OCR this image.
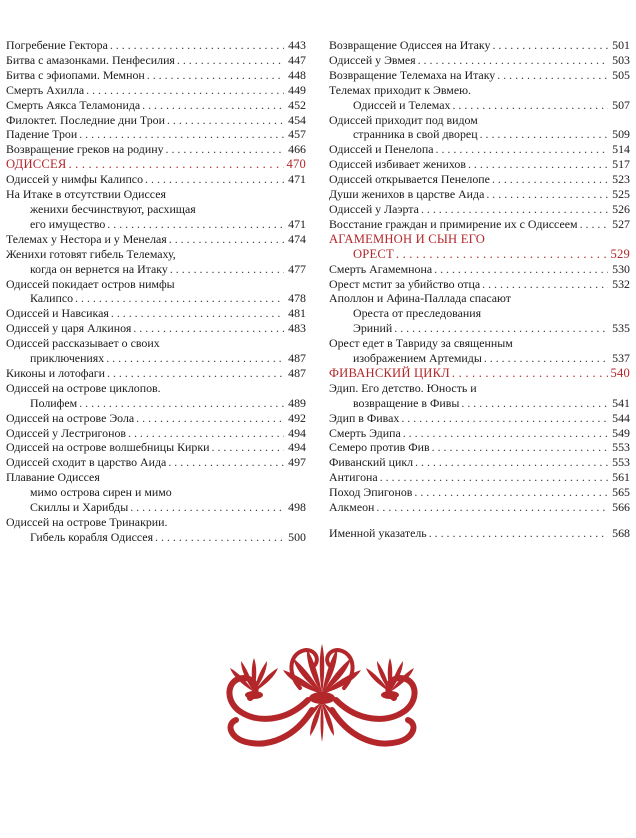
Погребение Гектора . . .	443
Битва с амазонками. Пенфесилия . . .	447
Битва с эфиопами. Мемнон . . .	448
Смерть Ахилла . . .	449
Смерть Аякса Теламонида . . .	452
Филоктет. Последние дни Трои . . .	454
Падение Трои . . .	457
Возвращение греков на родину . . .	466
ОДИССЕЯ . . .	470
Одиссей у нимфы Калипсо . . .	471
На Итаке в отсутствии Одиссея
женихи бесчинствуют, расхищая
его имущество . . .	471
Телемах у Нестора и у Менелая . . .	474
Женихи готовят гибель Телемаху,
когда он вернется на Итаку . . .	477
Одиссей покидает остров нимфы
Калипсо . . .	478
Одиссей и Навсикая . . .	481
Одиссей у царя Алкиноя . . .	483
Одиссей рассказывает о своих
приключениях . . .	487
Киконы и лотофаги . . .	487
Одиссей на острове циклопов.
Полифем . . .	489
Одиссей на острове Эола . . .	492
Одиссей у Лестригонов . . .	494
Одиссей на острове волшебницы Кирки . . .	494
Одиссей сходит в царство Аида . . .	497
Плавание Одиссея
мимо острова сирен и мимо
Скиллы и Харибды . . .	498
Одиссей на острове Тринакрии.
Гибель корабля Одиссея . . .	500
Возвращение Одиссея на Итаку . . .	501
Одиссей у Эвмея . . .	503
Возвращение Телемаха на Итаку . . .	505
Телемах приходит к Эвмею.
Одиссей и Телемах . . .	507
Одиссей приходит под видом
странника в свой дворец . . .	509
Одиссей и Пенелопа . . .	514
Одиссей избивает женихов . . .	517
Одиссей открывается Пенелопе . . .	523
Души женихов в царстве Аида . . .	525
Одиссей у Лаэрта . . .	526
Восстание граждан и примирение их с Одиссеем . . .	527
АГАМЕМНОН И СЫН ЕГО
ОРЕСТ . . .	529
Смерть Агамемнона . . .	530
Орест мстит за убийство отца . . .	532
Аполлон и Афина-Паллада спасают
Ореста от преследования
Эриний . . .	535
Орест едет в Тавриду за священным
изображением Артемиды . . .	537
ФИВАНСКИЙ ЦИКЛ . . .	540
Эдип. Его детство. Юность и
возвращение в Фивы . . .	541
Эдип в Фивах . . .	544
Смерть Эдипа . . .	549
Семеро против Фив . . .	553
Фиванский цикл . . .	553
Антигона . . .	561
Поход Эпигонов . . .	565
Алкмеон . . .	566
Именной указатель . . .	568
